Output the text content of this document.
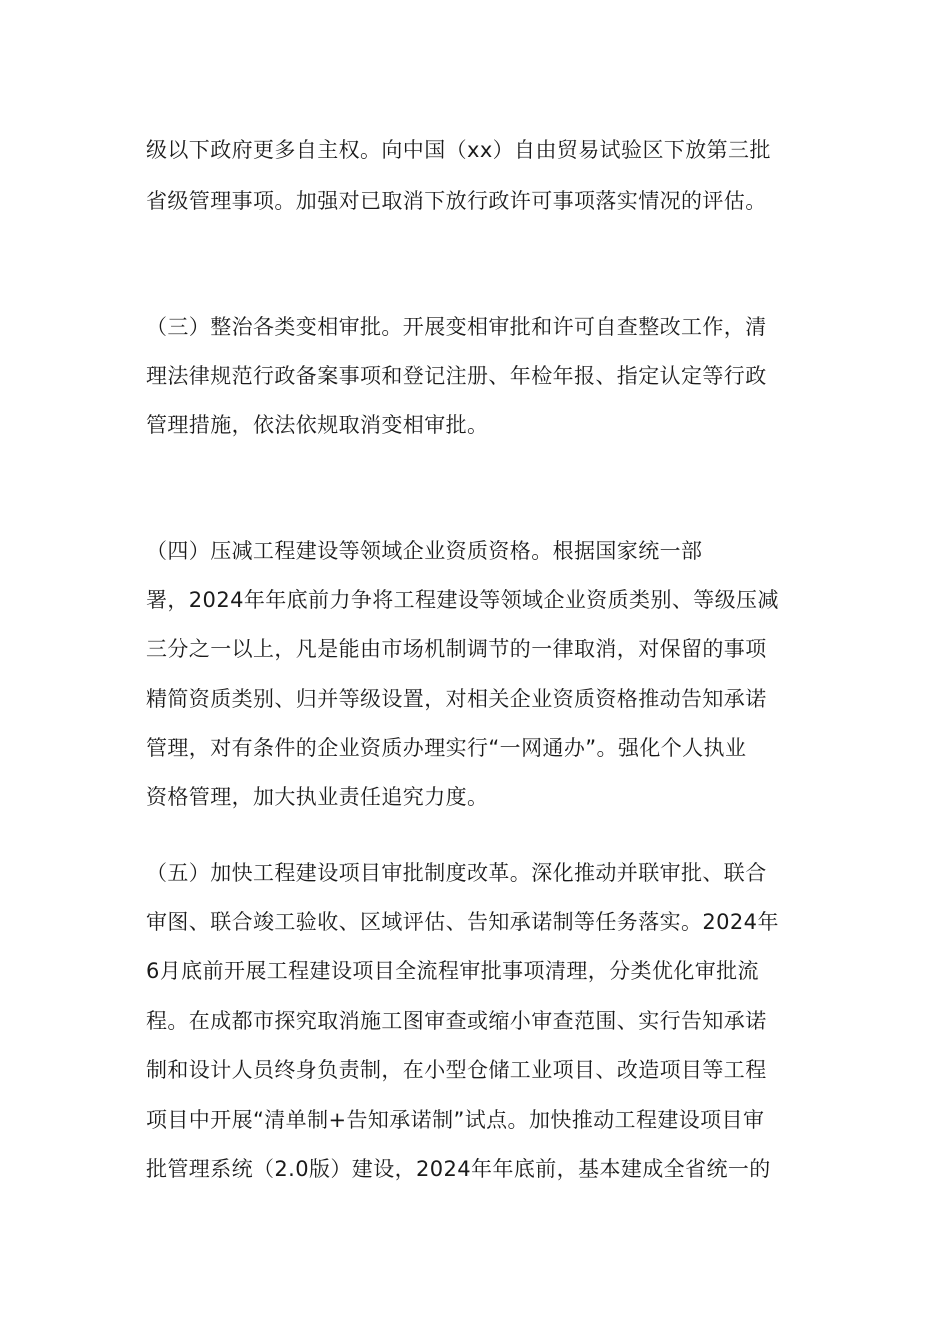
级以下政府更多自主权。向中国（xx）自由贸易试验区下放第三批
省级管理事项。加强对已取消下放行政许可事项落实情况的评估。
（三）整治各类变相审批。开展变相审批和许可自查整改工作，清
理法律规范行政备案事项和登记注册、年检年报、指定认定等行政
管理措施，依法依规取消变相审批。
（四）压减工程建设等领域企业资质资格。根据国家统一部
署，2024年年底前力争将工程建设等领域企业资质类别、等级压减
三分之一以上，凡是能由市场机制调节的一律取消，对保留的事项
精简资质类别、归并等级设置，对相关企业资质资格推动告知承诺
管理，对有条件的企业资质办理实行“一网通办”。强化个人执业
资格管理，加大执业责任追究力度。
（五）加快工程建设项目审批制度改革。深化推动并联审批、联合
审图、联合竣工验收、区域评估、告知承诺制等任务落实。2024年
6月底前开展工程建设项目全流程审批事项清理，分类优化审批流
程。在成都市探究取消施工图审查或缩小审查范围、实行告知承诺
制和设计人员终身负责制，在小型仓储工业项目、改造项目等工程
项目中开展“清单制+告知承诺制”试点。加快推动工程建设项目审
批管理系统（2.0版）建设，2024年年底前，基本建成全省统一的
